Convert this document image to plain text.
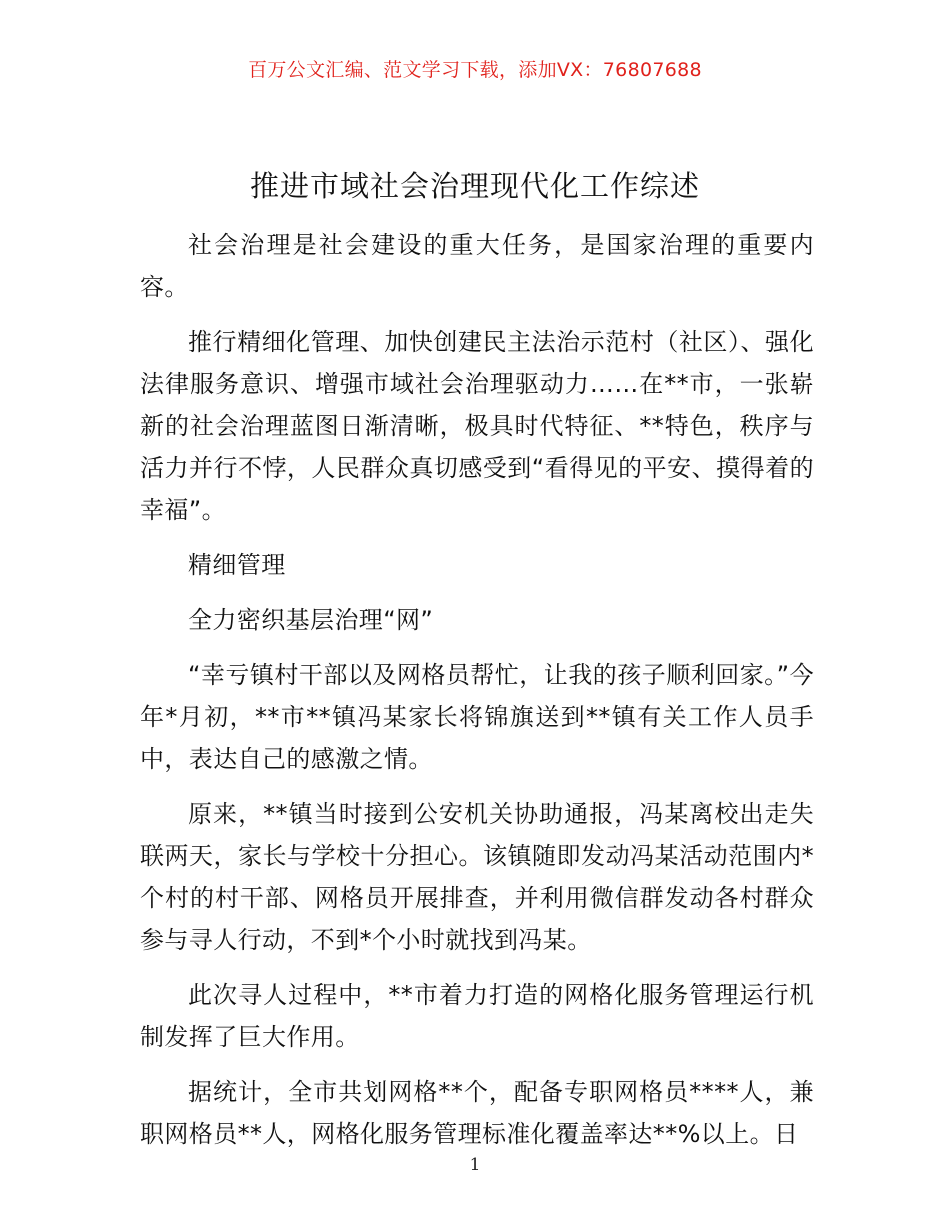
百万公文汇编、范文学习下载，添加VX：76807688
推进市域社会治理现代化工作综述

社会治理是社会建设的重大任务，是国家治理的重要内容。

推行精细化管理、加快创建民主法治示范村（社区）、强化法律服务意识、增强市域社会治理驱动力……在**市，一张崭新的社会治理蓝图日渐清晰，极具时代特征、**特色，秩序与活力并行不悖，人民群众真切感受到“看得见的平安、摸得着的幸福”。

精细管理

全力密织基层治理“网”

“幸亏镇村干部以及网格员帮忙，让我的孩子顺利回家。”今年*月初，**市**镇冯某家长将锦旗送到**镇有关工作人员手中，表达自己的感激之情。

原来，**镇当时接到公安机关协助通报，冯某离校出走失联两天，家长与学校十分担心。该镇随即发动冯某活动范围内*个村的村干部、网格员开展排查，并利用微信群发动各村群众参与寻人行动，不到*个小时就找到冯某。

此次寻人过程中，**市着力打造的网格化服务管理运行机制发挥了巨大作用。

据统计，全市共划网格**个，配备专职网格员****人，兼职网格员**人，网格化服务管理标准化覆盖率达**%以上。日

1
